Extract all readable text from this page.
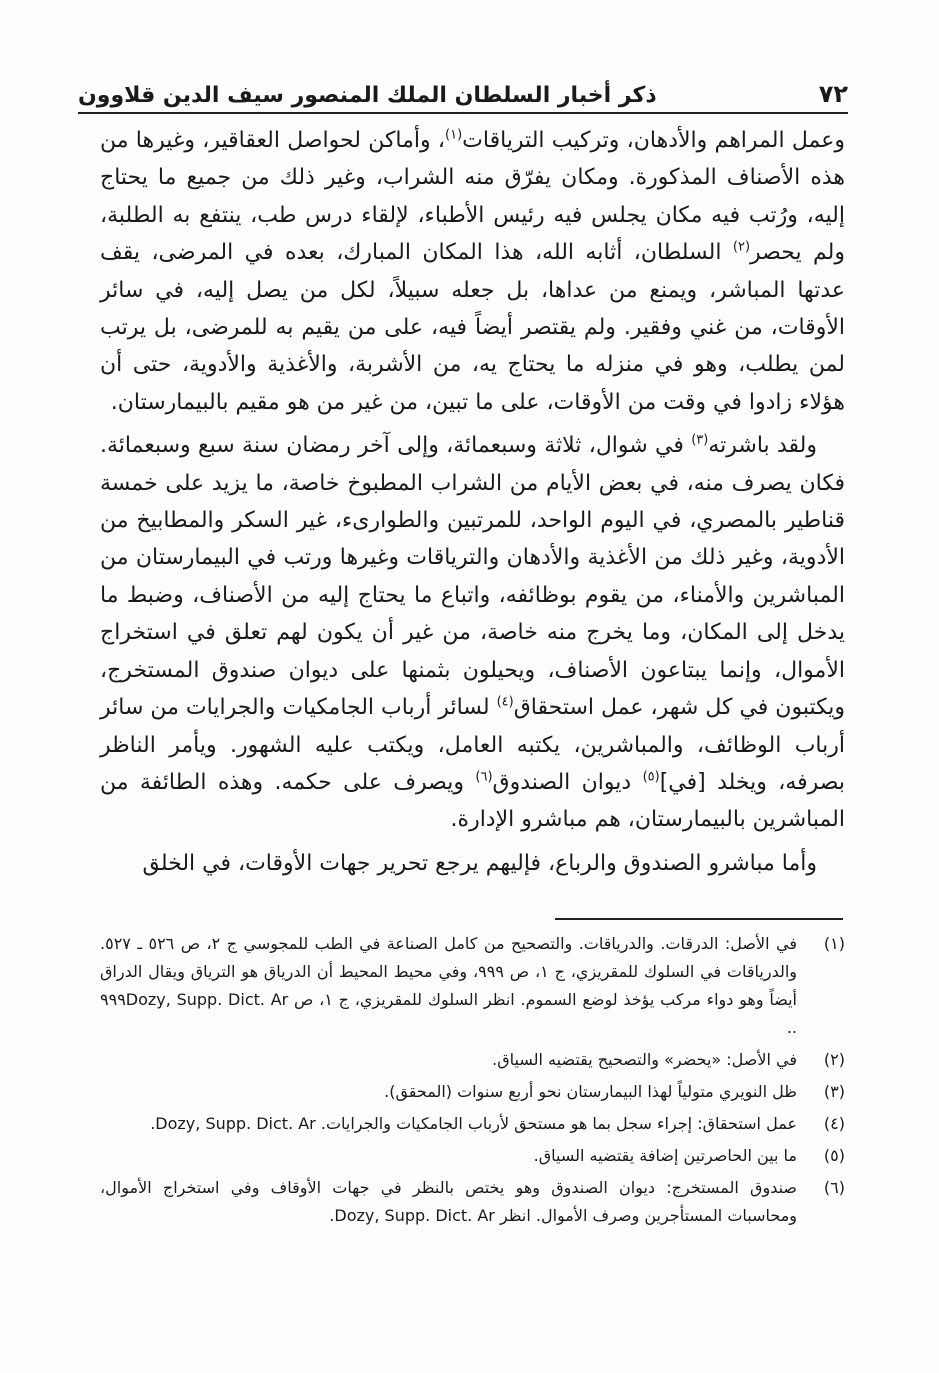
٧٢
ذكر أخبار السلطان الملك المنصور سيف الدين قلاوون

وعمل المراهم والأدهان، وتركيب الترياقات$^{(١)}$، وأماكن لحواصل العقاقير، وغيرها من هذه الأصناف المذكورة. ومكان يفرّق منه الشراب، وغير ذلك من جميع ما يحتاج إليه، ورُتب فيه مكان يجلس فيه رئيس الأطباء، لإلقاء درس طب، ينتفع به الطلبة، ولم يحصر$^{(٢)}$ السلطان، أثابه الله، هذا المكان المبارك، بعده في المرضى، يقف عدتها المباشر، ويمنع من عداها، بل جعله سبيلاً، لكل من يصل إليه، في سائر الأوقات، من غني وفقير. ولم يقتصر أيضاً فيه، على من يقيم به للمرضى، بل يرتب لمن يطلب، وهو في منزله ما يحتاج يه، من الأشربة، والأغذية والأدوية، حتى أن هؤلاء زادوا في وقت من الأوقات، على ما تبين، من غير من هو مقيم بالبيمارستان.

ولقد باشرته$^{(٣)}$ في شوال، ثلاثة وسبعمائة، وإلى آخر رمضان سنة سبع وسبعمائة. فكان يصرف منه، في بعض الأيام من الشراب المطبوخ خاصة، ما يزيد على خمسة قناطير بالمصري، في اليوم الواحد، للمرتبين والطوارىء، غير السكر والمطابيخ من الأدوية، وغير ذلك من الأغذية والأدهان والترياقات وغيرها ورتب في البيمارستان من المباشرين والأمناء، من يقوم بوظائفه، واتباع ما يحتاج إليه من الأصناف، وضبط ما يدخل إلى المكان، وما يخرج منه خاصة، من غير أن يكون لهم تعلق في استخراج الأموال، وإنما يبتاعون الأصناف، ويحيلون بثمنها على ديوان صندوق المستخرج، ويكتبون في كل شهر، عمل استحقاق$^{(٤)}$ لسائر أرباب الجامكيات والجرايات من سائر أرباب الوظائف، والمباشرين، يكتبه العامل، ويكتب عليه الشهور. ويأمر الناظر بصرفه، ويخلد [في]$^{(٥)}$ ديوان الصندوق$^{(٦)}$ ويصرف على حكمه. وهذه الطائفة من المباشرين بالبيمارستان، هم مباشرو الإدارة.

وأما مباشرو الصندوق والرباع، فإليهم يرجع تحرير جهات الأوقات، في الخلق

(١)
في الأصل: الدرقات. والدرياقات. والتصحيح من كامل الصناعة في الطب للمجوسي ج ٢، ص ٥٢٦ ـ ٥٢٧. والدرياقات في السلوك للمقريزي، ج ١، ص ٩٩٩، وفي محيط المحيط أن الدرياق هو الترياق ويقال الدراق أيضاً وهو دواء مركب يؤخذ لوضع السموم. انظر السلوك للمقريزي، ج ١، ص ٩٩٩Dozy, Supp. Dict. Ar ..
(٢)
في الأصل: «يحضر» والتصحيح يقتضيه السياق.
(٣)
ظل النويري متولياً لهذا البيمارستان نحو أربع سنوات (المحقق).
(٤)
عمل استحقاق: إجراء سجل بما هو مستحق لأرباب الجامكيات والجرايات. Dozy, Supp. Dict. Ar.
(٥)
ما بين الحاصرتين إضافة يقتضيه السياق.
(٦)
صندوق المستخرج: ديوان الصندوق وهو يختص بالنظر في جهات الأوقاف وفي استخراج الأموال، ومحاسبات المستأجرين وصرف الأموال. انظر Dozy, Supp. Dict. Ar.
